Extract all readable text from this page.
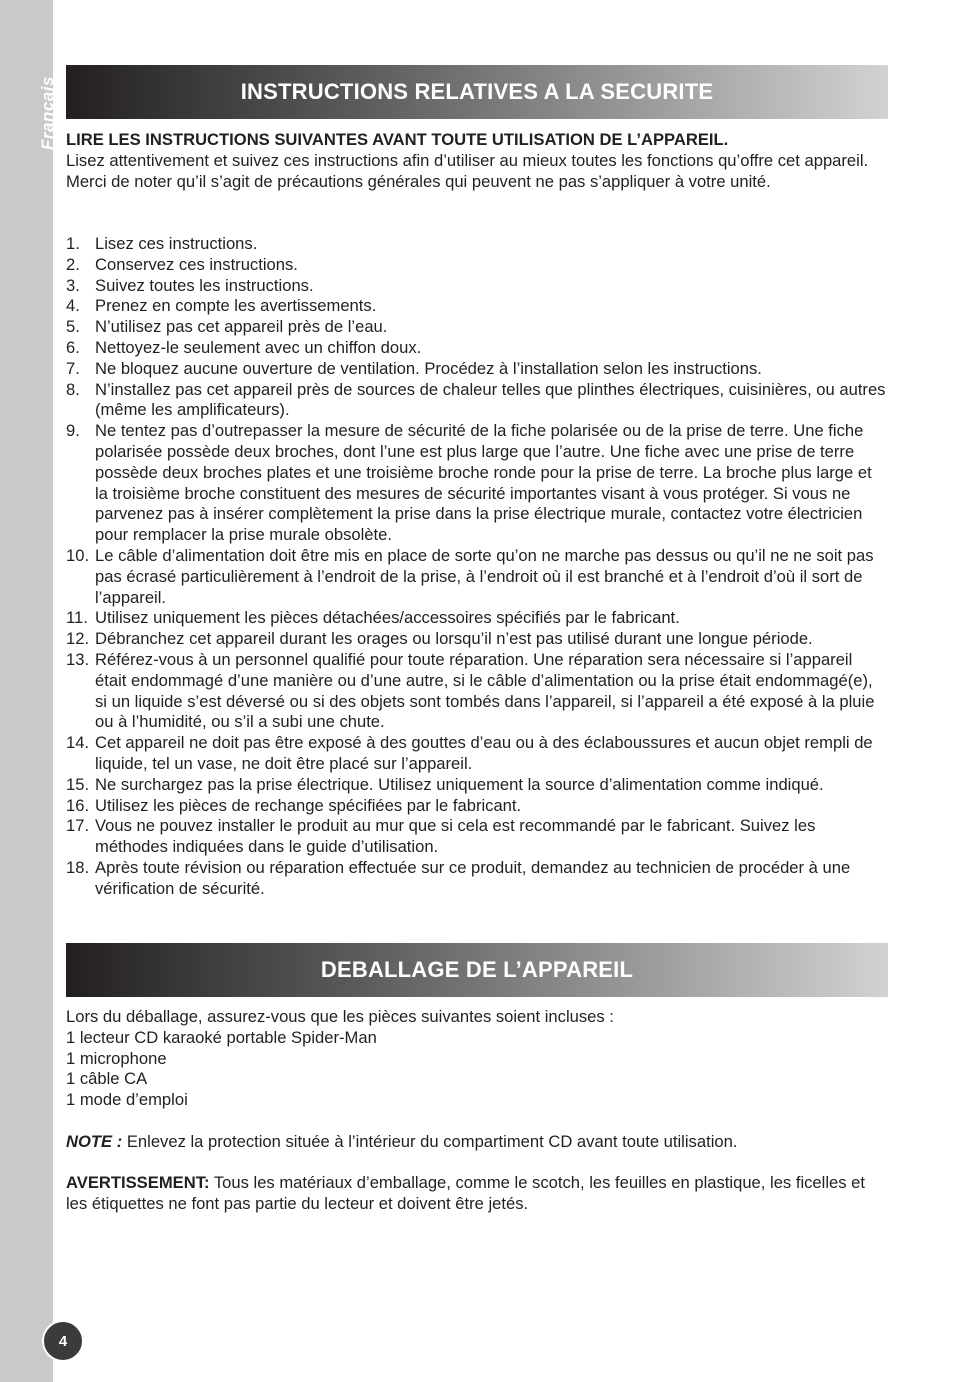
Français	INSTRUCTIONS RELATIVES A LA SECURITE

LIRE LES INSTRUCTIONS SUIVANTES AVANT TOUTE UTILISATION DE L’APPAREIL.

Lisez attentivement et suivez ces instructions afin d’utiliser au mieux toutes les fonctions qu’offre cet appareil. Merci de noter qu’il s’agit de précautions générales qui peuvent ne pas s’appliquer à votre unité.

1. Lisez ces instructions.
2. Conservez ces instructions.
3. Suivez toutes les instructions.
4. Prenez en compte les avertissements.
5. N’utilisez pas cet appareil près de l’eau.
6. Nettoyez-le seulement avec un chiffon doux.
7. Ne bloquez aucune ouverture de ventilation. Procédez à l’installation selon les instructions.
8. N’installez pas cet appareil près de sources de chaleur telles que plinthes électriques, cuisinières, ou autres (même les amplificateurs).
9. Ne tentez pas d’outrepasser la mesure de sécurité de la fiche polarisée ou de la prise de terre. Une fiche polarisée possède deux broches, dont l’une est plus large que l’autre. Une fiche avec une prise de terre possède deux broches plates et une troisième broche ronde pour la prise de terre. La broche plus large et la troisième broche constituent des mesures de sécurité importantes visant à vous protéger. Si vous ne parvenez pas à insérer complètement la prise dans la prise électrique murale, contactez votre électricien pour remplacer la prise murale obsolète.
10. Le câble d’alimentation doit être mis en place de sorte qu’on ne marche pas dessus ou qu’il ne ne soit pas pas écrasé particulièrement à l’endroit de la prise, à l’endroit où il est branché et à l’endroit d’où il sort de l’appareil.
11. Utilisez uniquement les pièces détachées/accessoires spécifiés par le fabricant.
12. Débranchez cet appareil durant les orages ou lorsqu’il n’est pas utilisé durant une longue période.
13. Référez-vous à un personnel qualifié pour toute réparation. Une réparation sera nécessaire si l’appareil était endommagé d’une manière ou d’une autre, si le câble d’alimentation ou la prise était endommagé(e), si un liquide s’est déversé ou si des objets sont tombés dans l’appareil, si l’appareil a été exposé à la pluie ou à l’humidité, ou s’il a subi une chute.
14. Cet appareil ne doit pas être exposé à des gouttes d’eau ou à des éclaboussures et aucun objet rempli de liquide, tel un vase, ne doit être placé sur l’appareil.
15. Ne surchargez pas la prise électrique. Utilisez uniquement la source d’alimentation comme indiqué.
16. Utilisez les pièces de rechange spécifiées par le fabricant.
17. Vous ne pouvez installer le produit au mur que si cela est recommandé par le fabricant. Suivez les méthodes indiquées dans le guide d’utilisation.
18. Après toute révision ou réparation effectuée sur ce produit, demandez au technicien de procéder à une vérification de sécurité.
DEBALLAGE DE L’APPAREIL

Lors du déballage, assurez-vous que les pièces suivantes soient incluses :

1 lecteur CD karaoké portable Spider-Man

1 microphone

1 câble CA

1 mode d’emploi

NOTE : Enlevez la protection située à l’intérieur du compartiment CD avant toute utilisation.

AVERTISSEMENT: Tous les matériaux d’emballage, comme le scotch, les feuilles en plastique, les ficelles et les étiquettes ne font pas partie du lecteur et doivent être jetés.

4
